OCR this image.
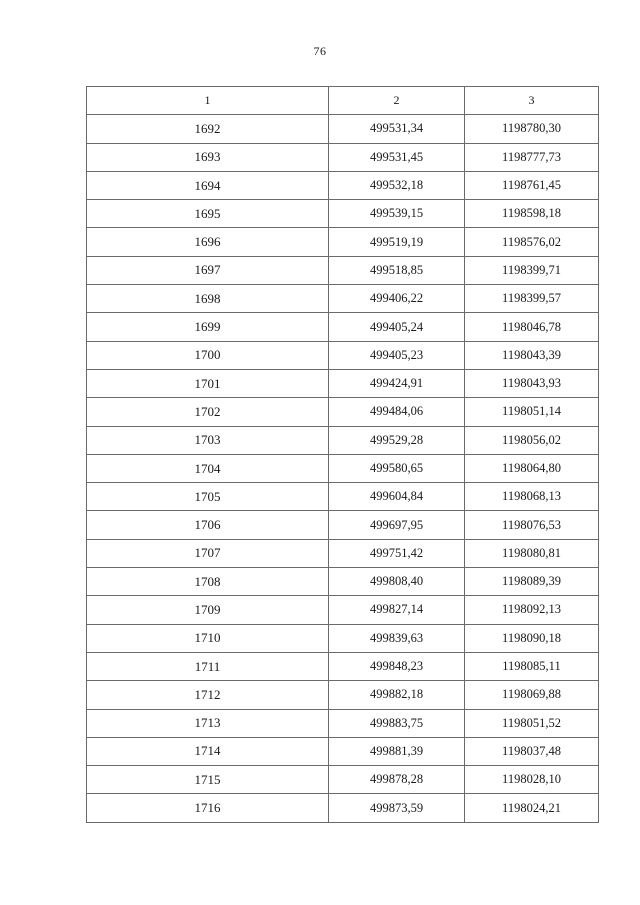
76
1	2	3
1692	499531,34	1198780,30
1693	499531,45	1198777,73
1694	499532,18	1198761,45
1695	499539,15	1198598,18
1696	499519,19	1198576,02
1697	499518,85	1198399,71
1698	499406,22	1198399,57
1699	499405,24	1198046,78
1700	499405,23	1198043,39
1701	499424,91	1198043,93
1702	499484,06	1198051,14
1703	499529,28	1198056,02
1704	499580,65	1198064,80
1705	499604,84	1198068,13
1706	499697,95	1198076,53
1707	499751,42	1198080,81
1708	499808,40	1198089,39
1709	499827,14	1198092,13
1710	499839,63	1198090,18
1711	499848,23	1198085,11
1712	499882,18	1198069,88
1713	499883,75	1198051,52
1714	499881,39	1198037,48
1715	499878,28	1198028,10
1716	499873,59	1198024,21
